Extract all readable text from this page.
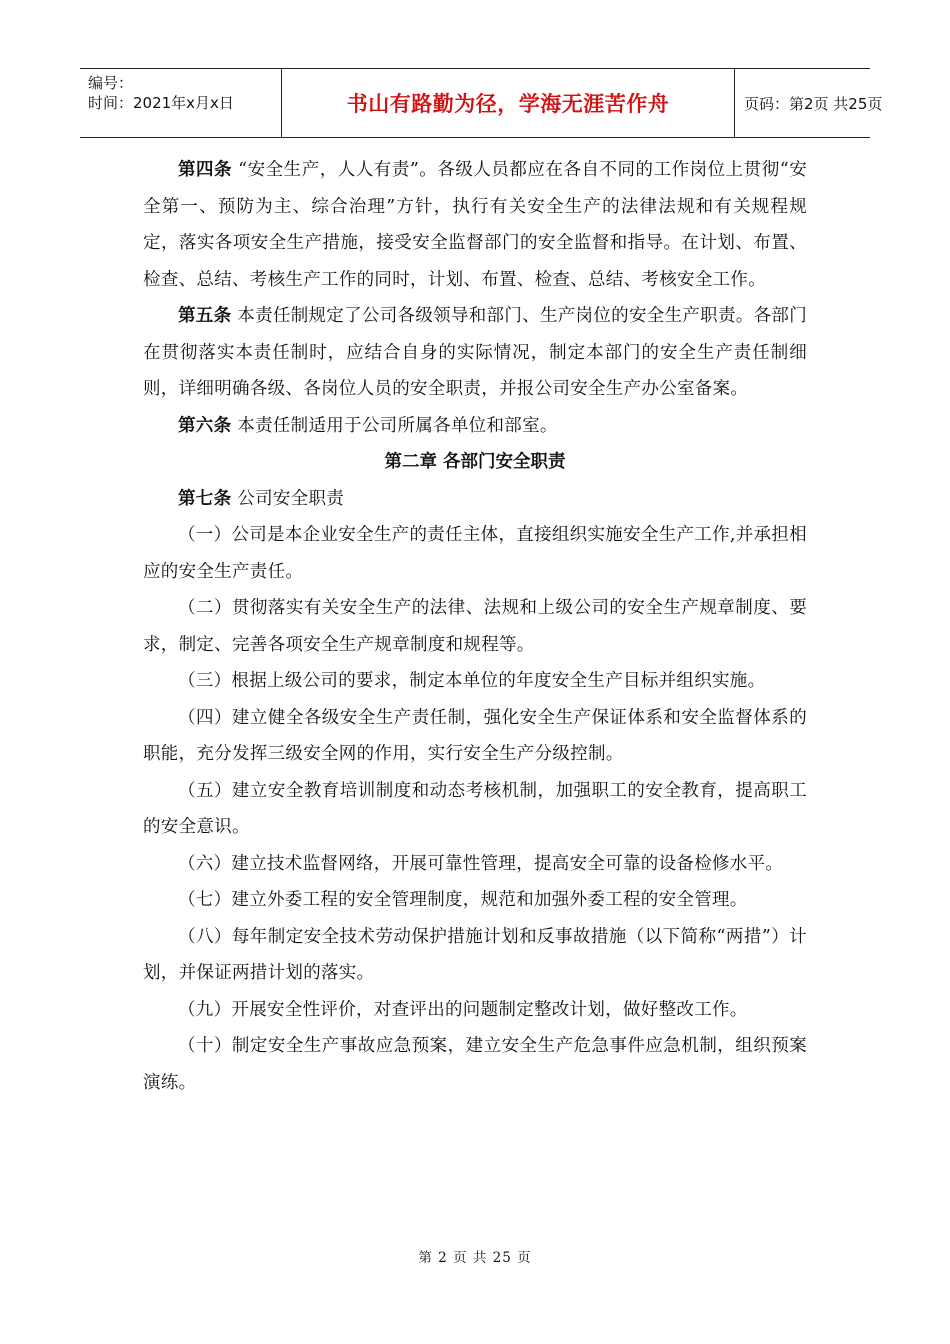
编号：
时间：2021年x月x日	书山有路勤为径，学海无涯苦作舟	页码：第2页 共25页

第四条 “安全生产，人人有责”。各级人员都应在各自不同的工作岗位上贯彻“安全第一、预防为主、综合治理”方针，执行有关安全生产的法律法规和有关规程规定，落实各项安全生产措施，接受安全监督部门的安全监督和指导。在计划、布置、检查、总结、考核生产工作的同时，计划、布置、检查、总结、考核安全工作。

第五条 本责任制规定了公司各级领导和部门、生产岗位的安全生产职责。各部门在贯彻落实本责任制时，应结合自身的实际情况，制定本部门的安全生产责任制细则，详细明确各级、各岗位人员的安全职责，并报公司安全生产办公室备案。

第六条 本责任制适用于公司所属各单位和部室。

第二章 各部门安全职责

第七条 公司安全职责

（一）公司是本企业安全生产的责任主体，直接组织实施安全生产工作,并承担相应的安全生产责任。

（二）贯彻落实有关安全生产的法律、法规和上级公司的安全生产规章制度、要求，制定、完善各项安全生产规章制度和规程等。

（三）根据上级公司的要求，制定本单位的年度安全生产目标并组织实施。

（四）建立健全各级安全生产责任制，强化安全生产保证体系和安全监督体系的职能，充分发挥三级安全网的作用，实行安全生产分级控制。

（五）建立安全教育培训制度和动态考核机制，加强职工的安全教育，提高职工的安全意识。

（六）建立技术监督网络，开展可靠性管理，提高安全可靠的设备检修水平。

（七）建立外委工程的安全管理制度，规范和加强外委工程的安全管理。

（八）每年制定安全技术劳动保护措施计划和反事故措施（以下简称“两措”）计划，并保证两措计划的落实。

（九）开展安全性评价，对查评出的问题制定整改计划，做好整改工作。

（十）制定安全生产事故应急预案，建立安全生产危急事件应急机制，组织预案演练。

第 2 页 共 25 页
